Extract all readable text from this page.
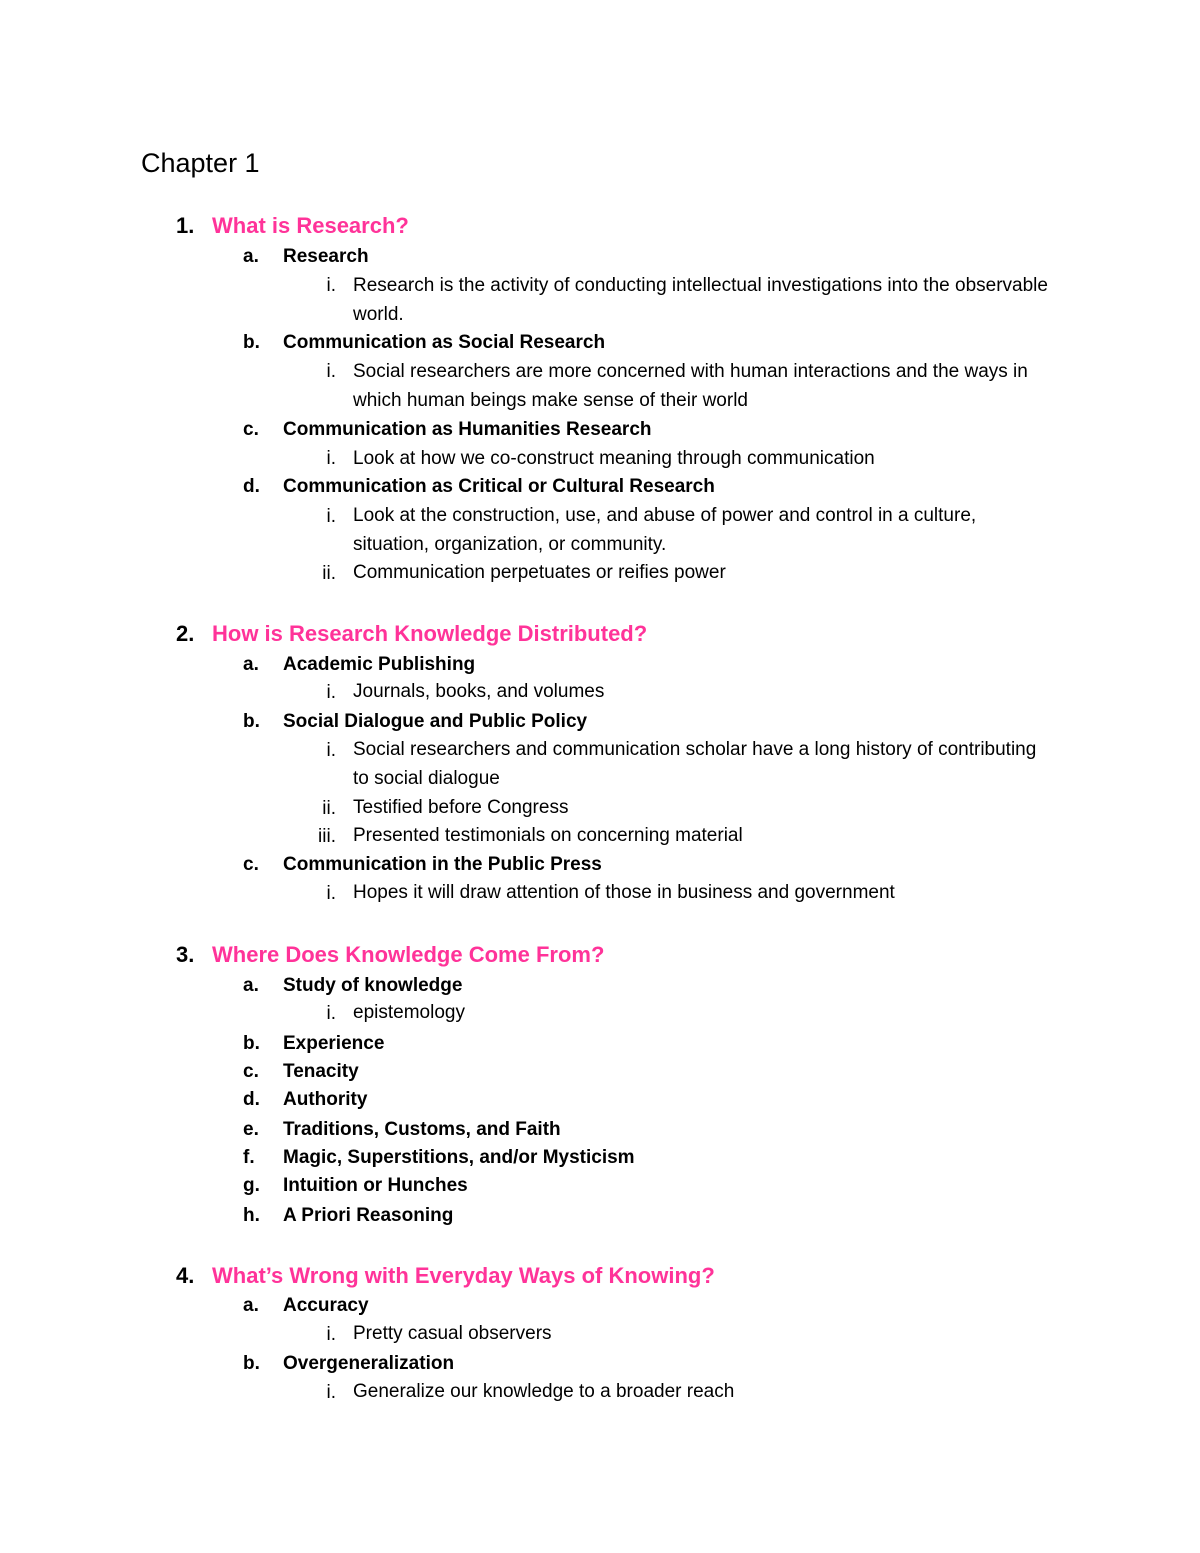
Chapter 1
1. What is Research?
a. Research
i. Research is the activity of conducting intellectual investigations into the observable world.
b. Communication as Social Research
i. Social researchers are more concerned with human interactions and the ways in which human beings make sense of their world
c. Communication as Humanities Research
i. Look at how we co-construct meaning through communication
d. Communication as Critical or Cultural Research
i. Look at the construction, use, and abuse of power and control in a culture, situation, organization, or community.
ii. Communication perpetuates or reifies power
2. How is Research Knowledge Distributed?
a. Academic Publishing
i. Journals, books, and volumes
b. Social Dialogue and Public Policy
i. Social researchers and communication scholar have a long history of contributing to social dialogue
ii. Testified before Congress
iii. Presented testimonials on concerning material
c. Communication in the Public Press
i. Hopes it will draw attention of those in business and government
3. Where Does Knowledge Come From?
a. Study of knowledge
i. epistemology
b. Experience
c. Tenacity
d. Authority
e. Traditions, Customs, and Faith
f. Magic, Superstitions, and/or Mysticism
g. Intuition or Hunches
h. A Priori Reasoning
4. What’s Wrong with Everyday Ways of Knowing?
a. Accuracy
i. Pretty casual observers
b. Overgeneralization
i. Generalize our knowledge to a broader reach
